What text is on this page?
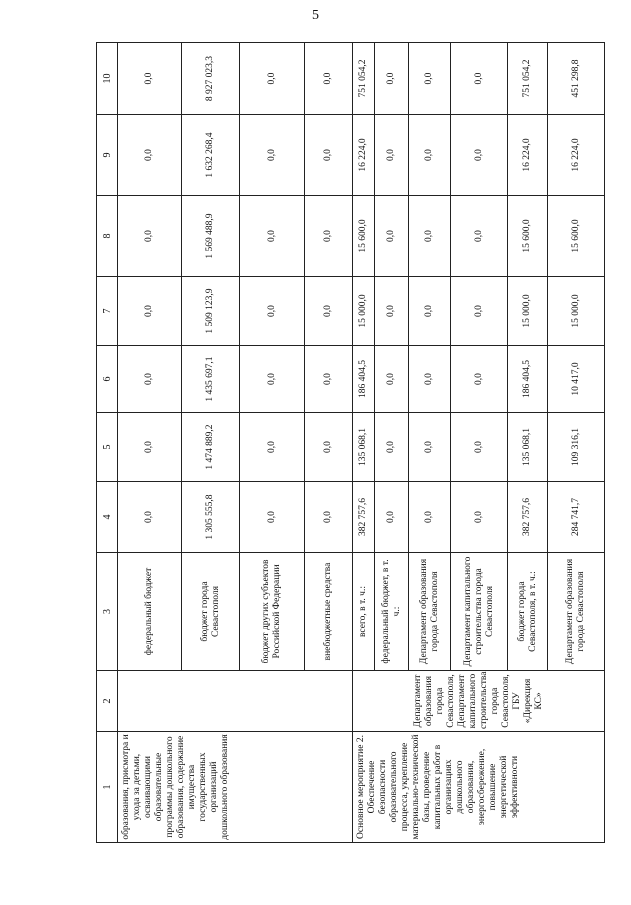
5
1	2	3	4	5	6	7	8	9	10
образования, присмотра и ухода за детьми, осваивающими образовательные программы дошкольного образования, содержание имущества государственных организаций дошкольного образования		федеральный бюджет	0,0	0,0	0,0	0,0	0,0	0,0	0,0
		бюджет города Севастополя	1 305 555,8	1 474 889,2	1 435 697,1	1 509 123,9	1 569 488,9	1 632 268,4	8 927 023,3
		бюджет других субъектов Российской Федерации	0,0	0,0	0,0	0,0	0,0	0,0	0,0
		внебюджетные средства	0,0	0,0	0,0	0,0	0,0	0,0	0,0
Основное мероприятие 2. Обеспечение безопасности образовательного процесса, укрепление материально-технической базы, проведение капитальных работ в организациях дошкольного образования, энергосбережение, повышение энергетической эффективности	Департамент образования города Севастополя, Департамент капитального строительства города Севастополя, ГБУ «Дирекция КС»	всего, в т. ч.:	382 757,6	135 068,1	186 404,5	15 000,0	15 600,0	16 224,0	751 054,2
		федеральный бюджет, в т. ч.:	0,0	0,0	0,0	0,0	0,0	0,0	0,0
		Департамент образования города Севастополя	0,0	0,0	0,0	0,0	0,0	0,0	0,0
		Департамент капитального строительства города Севастополя	0,0	0,0	0,0	0,0	0,0	0,0	0,0
		бюджет города Севастополя, в т. ч.:	382 757,6	135 068,1	186 404,5	15 000,0	15 600,0	16 224,0	751 054,2
		Департамент образования города Севастополя	284 741,7	109 316,1	10 417,0	15 000,0	15 600,0	16 224,0	451 298,8
